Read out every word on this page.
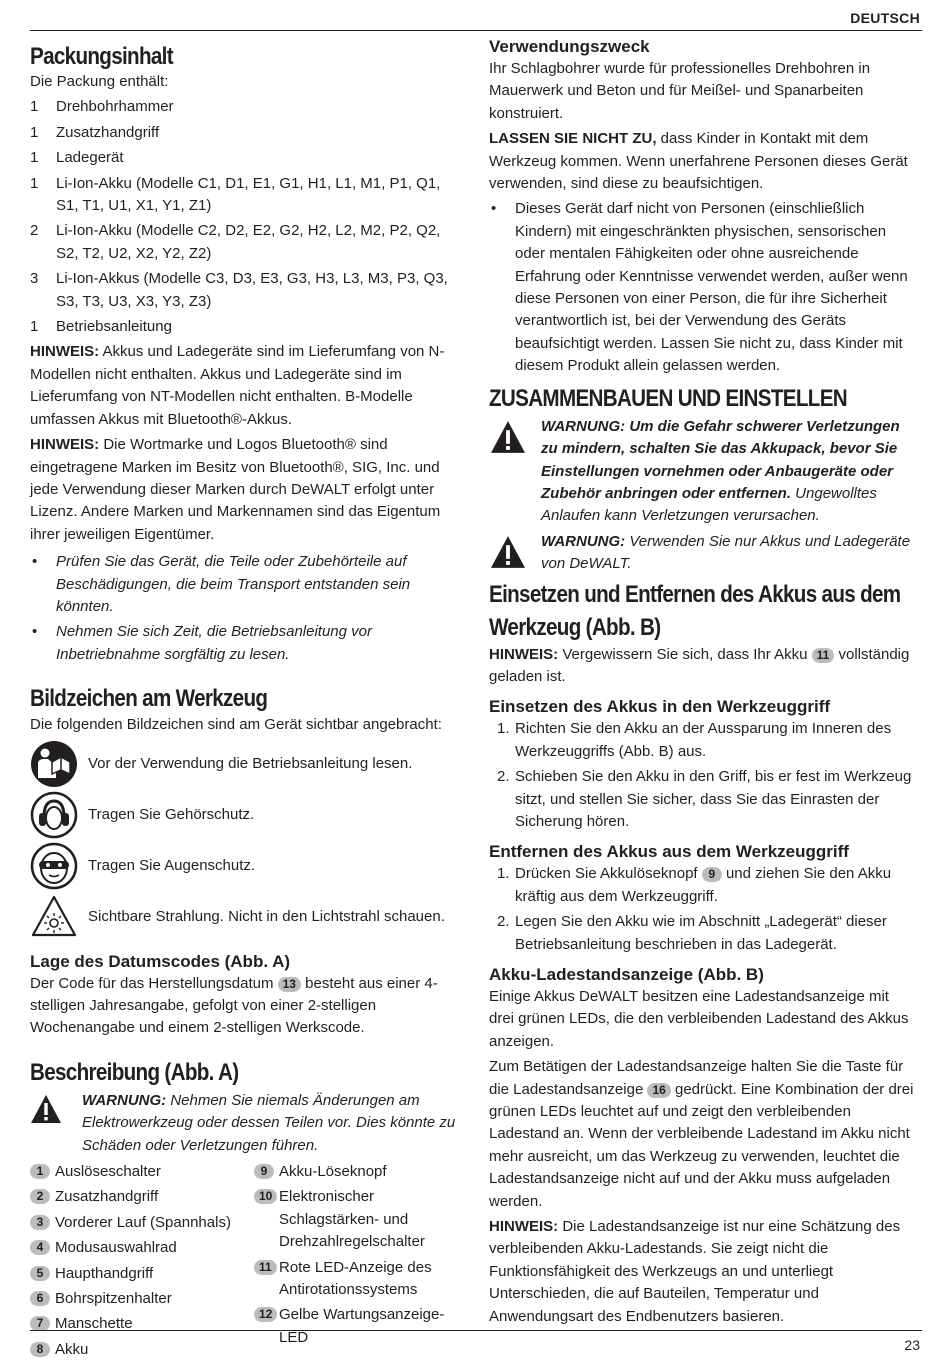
DEUTSCH
Packungsinhalt

Die Packung enthält:

1 Drehbohrhammer
1 Zusatzhandgriff
1 Ladegerät
1 Li-Ion-Akku (Modelle C1, D1, E1, G1, H1, L1, M1, P1, Q1, S1, T1, U1, X1, Y1, Z1)
2 Li-Ion-Akku (Modelle C2, D2, E2, G2, H2, L2, M2, P2, Q2, S2, T2, U2, X2, Y2, Z2)
3 Li-Ion-Akkus (Modelle C3, D3, E3, G3, H3, L3, M3, P3, Q3, S3, T3, U3, X3, Y3, Z3)
1 Betriebsanleitung

HINWEIS: Akkus und Ladegeräte sind im Lieferumfang von N-Modellen nicht enthalten. Akkus und Ladegeräte sind im Lieferumfang von NT-Modellen nicht enthalten. B-Modelle umfassen Akkus mit Bluetooth®-Akkus.

HINWEIS: Die Wortmarke und Logos Bluetooth® sind eingetragene Marken im Besitz von Bluetooth®, SIG, Inc. und jede Verwendung dieser Marken durch DeWALT erfolgt unter Lizenz. Andere Marken und Markennamen sind das Eigentum ihrer jeweiligen Eigentümer.

• Prüfen Sie das Gerät, die Teile oder Zubehörteile auf Beschädigungen, die beim Transport entstanden sein könnten.
• Nehmen Sie sich Zeit, die Betriebsanleitung vor Inbetriebnahme sorgfältig zu lesen.
Bildzeichen am Werkzeug

Die folgenden Bildzeichen sind am Gerät sichtbar angebracht:

Vor der Verwendung die Betriebsanleitung lesen.
Tragen Sie Gehörschutz.
Tragen Sie Augenschutz.
Sichtbare Strahlung. Nicht in den Lichtstrahl schauen.
Lage des Datumscodes (Abb. A)

Der Code für das Herstellungsdatum 13 besteht aus einer 4-stelligen Jahresangabe, gefolgt von einer 2-stelligen Wochenangabe und einem 2-stelligen Werkscode.

Beschreibung (Abb. A)

WARNUNG: Nehmen Sie niemals Änderungen am Elektrowerkzeug oder dessen Teilen vor. Dies könnte zu Schäden oder Verletzungen führen.

1 Auslöseschalter
2 Zusatzhandgriff
3 Vorderer Lauf (Spannhals)
4 Modusauswahlrad
5 Haupthandgriff
6 Bohrspitzenhalter
7 Manschette
8 Akku
9 Akku-Löseknopf
10 Elektronischer Schlagstärken- und Drehzahlregelschalter
11 Rote LED-Anzeige des Antirotationssystems
12 Gelbe Wartungsanzeige-LED
Verwendungszweck

Ihr Schlagbohrer wurde für professionelles Drehbohren in Mauerwerk und Beton und für Meißel- und Spanarbeiten konstruiert.

LASSEN SIE NICHT ZU, dass Kinder in Kontakt mit dem Werkzeug kommen. Wenn unerfahrene Personen dieses Gerät verwenden, sind diese zu beaufsichtigen.

• Dieses Gerät darf nicht von Personen (einschließlich Kindern) mit eingeschränkten physischen, sensorischen oder mentalen Fähigkeiten oder ohne ausreichende Erfahrung oder Kenntnisse verwendet werden, außer wenn diese Personen von einer Person, die für ihre Sicherheit verantwortlich ist, bei der Verwendung des Geräts beaufsichtigt werden. Lassen Sie nicht zu, dass Kinder mit diesem Produkt allein gelassen werden.
ZUSAMMENBAUEN UND EINSTELLEN

WARNUNG: Um die Gefahr schwerer Verletzungen zu mindern, schalten Sie das Akkupack, bevor Sie Einstellungen vornehmen oder Anbaugeräte oder Zubehör anbringen oder entfernen. Ungewolltes Anlaufen kann Verletzungen verursachen.

WARNUNG: Verwenden Sie nur Akkus und Ladegeräte von DeWALT.

Einsetzen und Entfernen des Akkus aus dem Werkzeug (Abb. B)

HINWEIS: Vergewissern Sie sich, dass Ihr Akku 11 vollständig geladen ist.

Einsetzen des Akkus in den Werkzeuggriff
1. Richten Sie den Akku an der Aussparung im Inneren des Werkzeuggriffs (Abb. B) aus.
2. Schieben Sie den Akku in den Griff, bis er fest im Werkzeug sitzt, und stellen Sie sicher, dass Sie das Einrasten der Sicherung hören.
Entfernen des Akkus aus dem Werkzeuggriff
1. Drücken Sie Akkulöseknopf 9 und ziehen Sie den Akku kräftig aus dem Werkzeuggriff.
2. Legen Sie den Akku wie im Abschnitt „Ladegerät“ dieser Betriebsanleitung beschrieben in das Ladegerät.
Akku-Ladestandsanzeige (Abb. B)

Einige Akkus DeWALT besitzen eine Ladestandsanzeige mit drei grünen LEDs, die den verbleibenden Ladestand des Akkus anzeigen.

Zum Betätigen der Ladestandsanzeige halten Sie die Taste für die Ladestandsanzeige 16 gedrückt. Eine Kombination der drei grünen LEDs leuchtet auf und zeigt den verbleibenden Ladestand an. Wenn der verbleibende Ladestand im Akku nicht mehr ausreicht, um das Werkzeug zu verwenden, leuchtet die Ladestandsanzeige nicht auf und der Akku muss aufgeladen werden.

HINWEIS: Die Ladestandsanzeige ist nur eine Schätzung des verbleibenden Akku-Ladestands. Sie zeigt nicht die Funktionsfähigkeit des Werkzeugs an und unterliegt Unterschieden, die auf Bauteilen, Temperatur und Anwendungsart des Endbenutzers basieren.

23
